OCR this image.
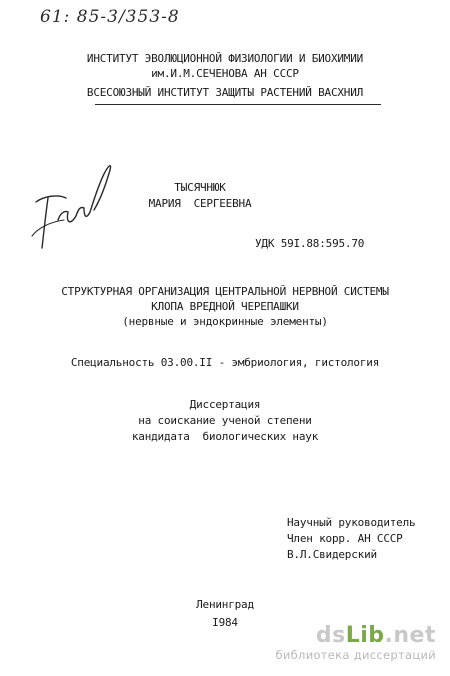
61: 85-3/353-8
ИНСТИТУТ ЭВОЛЮЦИОННОЙ ФИЗИОЛОГИИ И БИОХИМИИ
им.И.М.СЕЧЕНОВА АН СССР
ВСЕСОЮЗНЫЙ ИНСТИТУТ ЗАЩИТЫ РАСТЕНИЙ ВАСХНИЛ
ТЫСЯЧНЮК
МАРИЯ  СЕРГЕЕВНА
УДК 59I.88:595.70
СТРУКТУРНАЯ ОРГАНИЗАЦИЯ ЦЕНТРАЛЬНОЙ НЕРВНОЙ СИСТЕМЫ
КЛОПА ВРЕДНОЙ ЧЕРЕПАШКИ
(нервные и эндокринные элементы)
Специальность 03.00.II - эмбриология, гистология
Диссертация
на соискание ученой степени
кандидата  биологических наук
Научный руководитель
Член корр. АН СССР
В.Л.Свидерский
Ленинград
I984
dsLib.net
библиотека диссертаций
